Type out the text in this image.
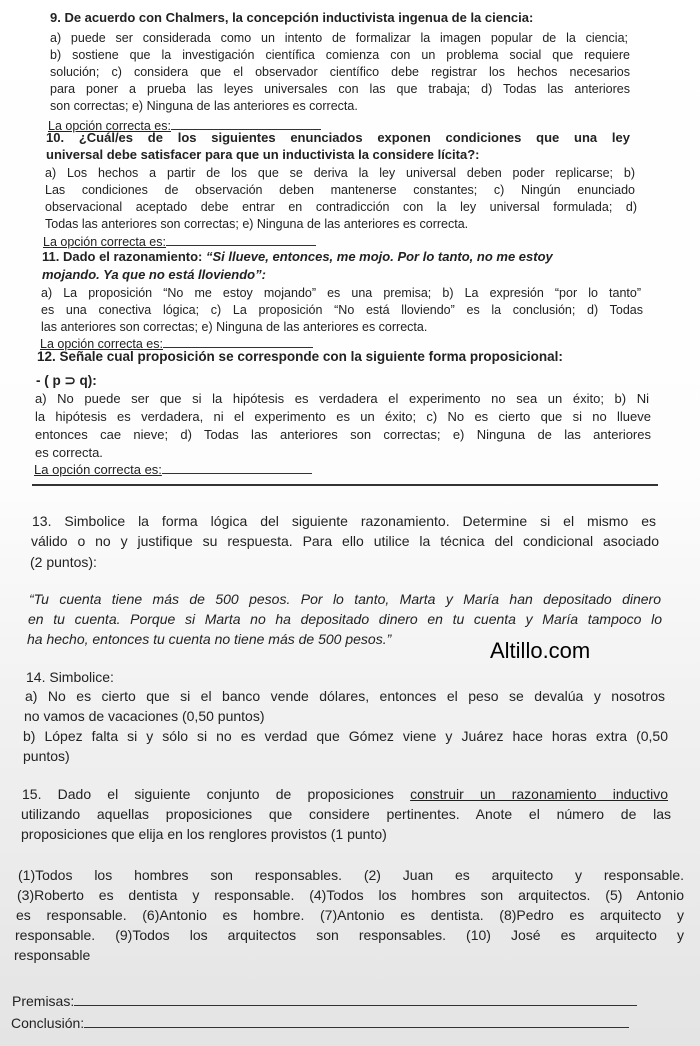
9. De acuerdo con Chalmers, la concepción inductivista ingenua de la ciencia:
a) puede ser considerada como un intento de formalizar la imagen popular de la ciencia;
b) sostiene que la investigación científica comienza con un problema social que requiere
solución; c) considera que el observador científico debe registrar los hechos necesarios
para poner a prueba las leyes universales con las que trabaja; d) Todas las anteriores
son correctas; e) Ninguna de las anteriores es correcta.
La opción correcta es:
10. ¿Cuál/es de los siguientes enunciados exponen condiciones que una ley
universal debe satisfacer para que un inductivista la considere lícita?:
a) Los hechos a partir de los que se deriva la ley universal deben poder replicarse; b)
Las condiciones de observación deben mantenerse constantes; c) Ningún enunciado
observacional aceptado debe entrar en contradicción con la ley universal formulada; d)
Todas las anteriores son correctas; e) Ninguna de las anteriores es correcta.
La opción correcta es:
11. Dado el razonamiento: “Si llueve, entonces, me mojo. Por lo tanto, no me estoy
mojando. Ya que no está lloviendo”:
a) La proposición “No me estoy mojando” es una premisa; b) La expresión “por lo tanto”
es una conectiva lógica; c) La proposición “No está lloviendo” es la conclusión; d) Todas
las anteriores son correctas; e) Ninguna de las anteriores es correcta.
La opción correcta es:
12. Señale cual proposición se corresponde con la siguiente forma proposicional:
- ( p ⊃ q):
a) No puede ser que si la hipótesis es verdadera el experimento no sea un éxito; b) Ni
la hipótesis es verdadera, ni el experimento es un éxito; c) No es cierto que si no llueve
entonces cae nieve; d) Todas las anteriores son correctas; e) Ninguna de las anteriores
es correcta.
La opción correcta es:
13. Simbolice la forma lógica del siguiente razonamiento. Determine si el mismo es
válido o no y justifique su respuesta. Para ello utilice la técnica del condicional asociado
(2 puntos):
“Tu cuenta tiene más de 500 pesos. Por lo tanto, Marta y María han depositado dinero
en tu cuenta. Porque si Marta no ha depositado dinero en tu cuenta y María tampoco lo
ha hecho, entonces tu cuenta no tiene más de 500 pesos.”	Altillo.com
14. Simbolice:
a) No es cierto que si el banco vende dólares, entonces el peso se devalúa y nosotros
no vamos de vacaciones (0,50 puntos)
b) López falta si y sólo si no es verdad que Gómez viene y Juárez hace horas extra (0,50
puntos)
15. Dado el siguiente conjunto de proposiciones construir un razonamiento inductivo
utilizando aquellas proposiciones que considere pertinentes. Anote el número de las
proposiciones que elija en los renglores provistos (1 punto)
(1)Todos los hombres son responsables. (2) Juan es arquitecto y responsable.
(3)Roberto es dentista y responsable. (4)Todos los hombres son arquitectos. (5) Antonio
es responsable. (6)Antonio es hombre. (7)Antonio es dentista. (8)Pedro es arquitecto y
responsable. (9)Todos los arquitectos son responsables. (10) José es arquitecto y
responsable
Premisas:
Conclusión:
